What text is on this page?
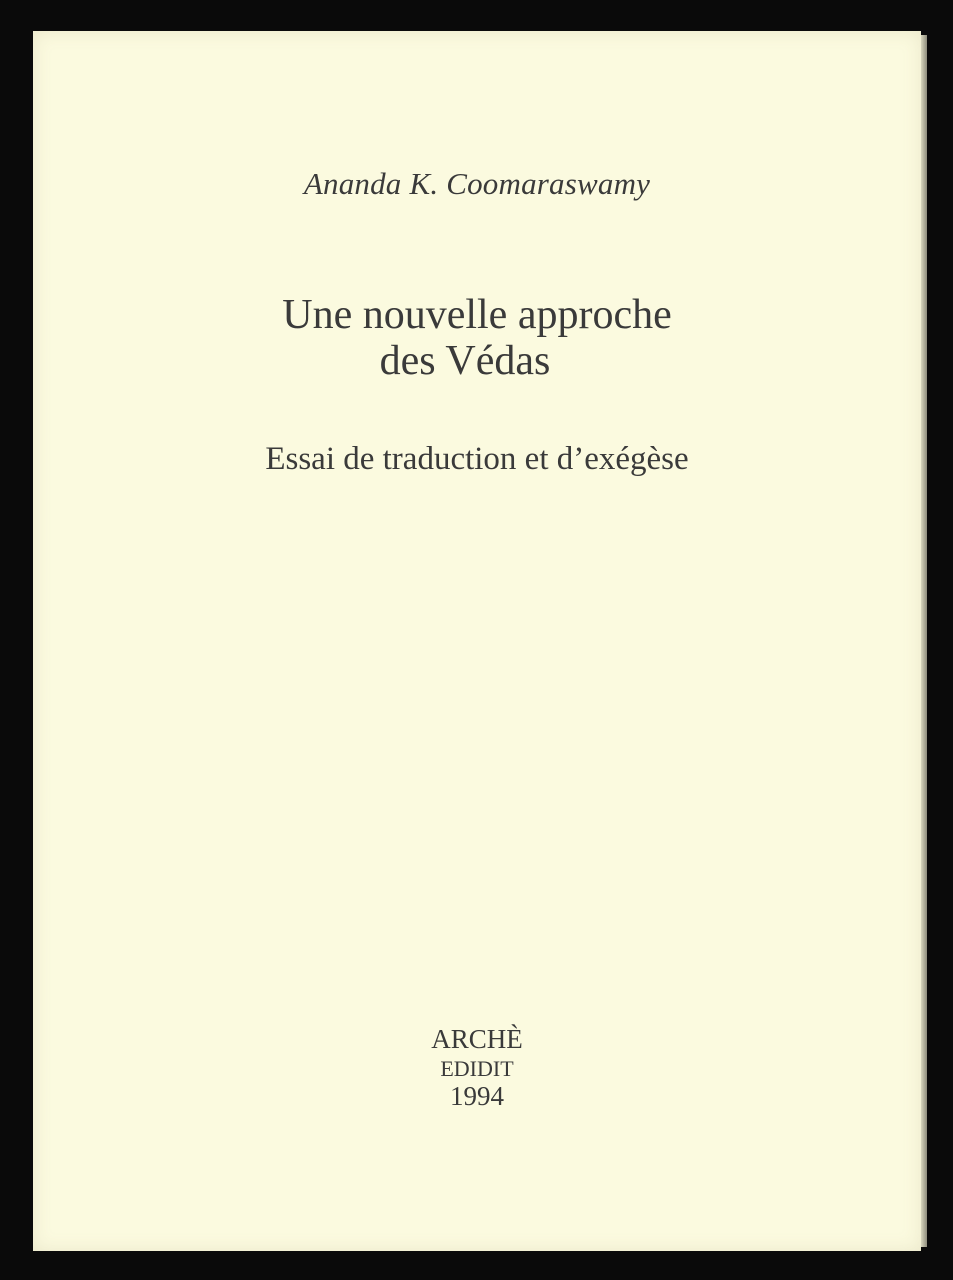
Ananda K. Coomaraswamy
Une nouvelle approche
des Védas
Essai de traduction et d’exégèse
ARCHÈ
EDIDIT
1994
